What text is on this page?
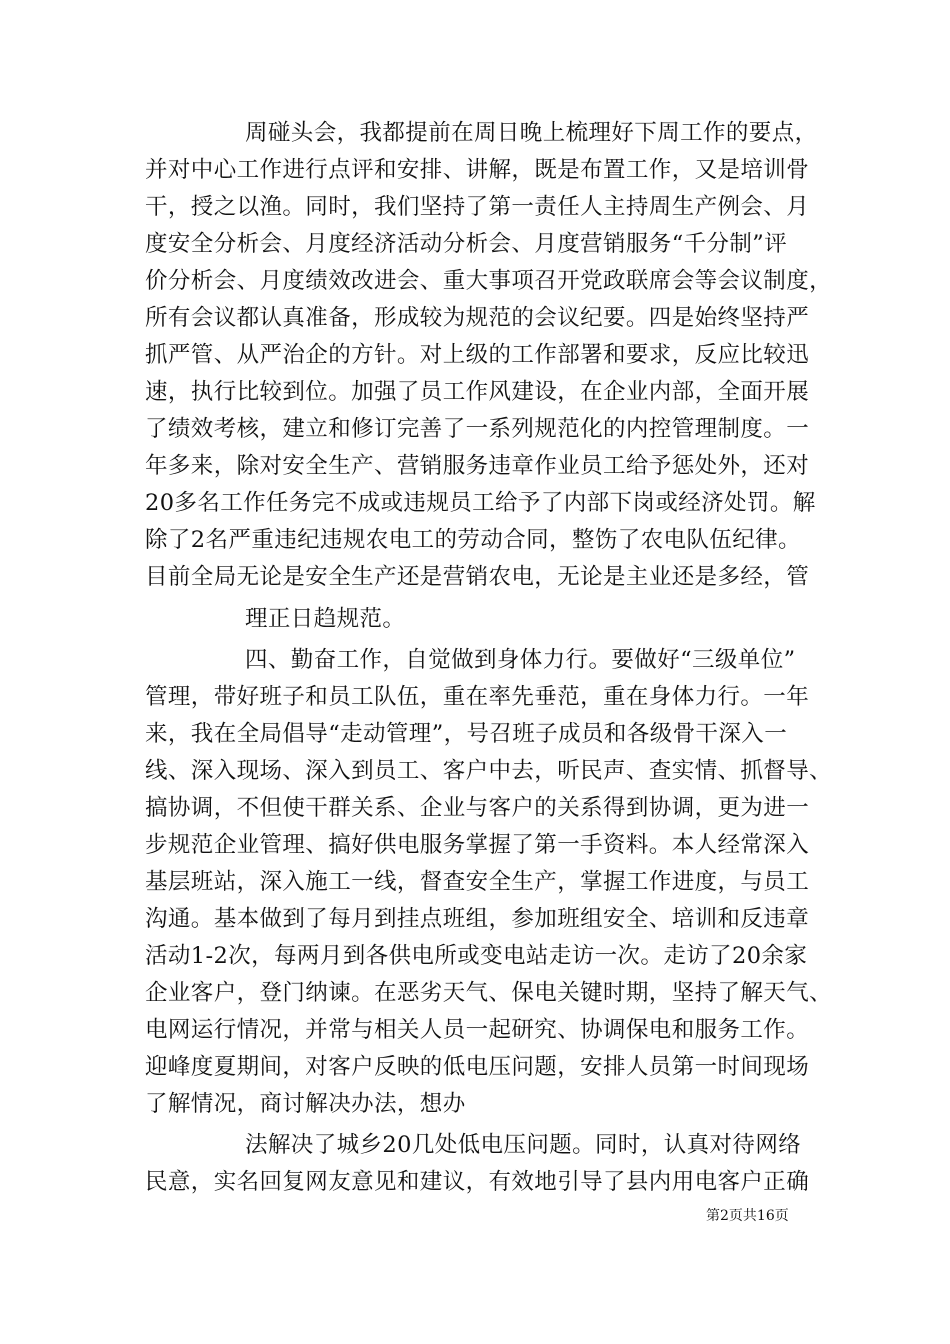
周碰头会，我都提前在周日晚上梳理好下周工作的要点，
并对中心工作进行点评和安排、讲解，既是布置工作，又是培训骨
干，授之以渔。同时，我们坚持了第一责任人主持周生产例会、月
度安全分析会、月度经济活动分析会、月度营销服务“千分制”评
价分析会、月度绩效改进会、重大事项召开党政联席会等会议制度，
所有会议都认真准备，形成较为规范的会议纪要。四是始终坚持严
抓严管、从严治企的方针。对上级的工作部署和要求，反应比较迅
速，执行比较到位。加强了员工作风建设，在企业内部，全面开展
了绩效考核，建立和修订完善了一系列规范化的内控管理制度。一
年多来，除对安全生产、营销服务违章作业员工给予惩处外，还对
20多名工作任务完不成或违规员工给予了内部下岗或经济处罚。解
除了2名严重违纪违规农电工的劳动合同，整饬了农电队伍纪律。
目前全局无论是安全生产还是营销农电，无论是主业还是多经，管
理正日趋规范。
四、勤奋工作，自觉做到身体力行。要做好“三级单位”
管理，带好班子和员工队伍，重在率先垂范，重在身体力行。一年
来，我在全局倡导“走动管理”，号召班子成员和各级骨干深入一
线、深入现场、深入到员工、客户中去，听民声、查实情、抓督导、
搞协调，不但使干群关系、企业与客户的关系得到协调，更为进一
步规范企业管理、搞好供电服务掌握了第一手资料。本人经常深入
基层班站，深入施工一线，督查安全生产，掌握工作进度，与员工
沟通。基本做到了每月到挂点班组，参加班组安全、培训和反违章
活动1-2次，每两月到各供电所或变电站走访一次。走访了20余家
企业客户，登门纳谏。在恶劣天气、保电关键时期，坚持了解天气、
电网运行情况，并常与相关人员一起研究、协调保电和服务工作。
迎峰度夏期间，对客户反映的低电压问题，安排人员第一时间现场
了解情况，商讨解决办法，想办
法解决了城乡20几处低电压问题。同时，认真对待网络
民意，实名回复网友意见和建议，有效地引导了县内用电客户正确
第2页共16页
